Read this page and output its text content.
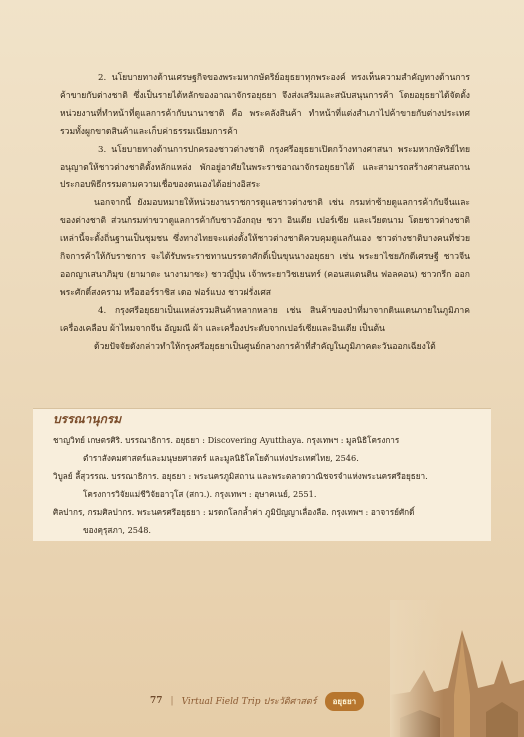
2. นโยบายทางด้านเศรษฐกิจของพระมหากษัตริย์อยุธยาทุกพระองค์ ทรงเห็นความสำคัญทางด้านการค้าขายกับต่างชาติ ซึ่งเป็นรายได้หลักของอาณาจักรอยุธยา จึงส่งเสริมและสนับสนุนการค้า โดยอยุธยาได้จัดตั้งหน่วยงานที่ทำหน้าที่ดูแลการค้ากับนานาชาติ คือ พระคลังสินค้า ทำหน้าที่แต่งสำเภาไปค้าขายกับต่างประเทศ รวมทั้งผูกขาดสินค้าและเก็บค่าธรรมเนียมการค้า

3. นโยบายทางด้านการปกครองชาวต่างชาติ กรุงศรีอยุธยาเปิดกว้างทางศาสนา พระมหากษัตริย์ไทยอนุญาตให้ชาวต่างชาติตั้งหลักแหล่ง พักอยู่อาศัยในพระราชอาณาจักรอยุธยาได้ และสามารถสร้างศาสนสถาน ประกอบพิธีกรรมตามความเชื่อของตนเองได้อย่างอิสระ

นอกจากนี้ ยังมอบหมายให้หน่วยงานราชการดูแลชาวต่างชาติ เช่น กรมท่าซ้ายดูแลการค้ากับจีนและของต่างชาติ ส่วนกรมท่าขวาดูแลการค้ากับชาวอังกฤษ ชวา อินเดีย เปอร์เซีย และเวียดนาม โดยชาวต่างชาติเหล่านี้จะตั้งถิ่นฐานเป็นชุมชน ซึ่งทางไทยจะแต่งตั้งให้ชาวต่างชาติควบคุมดูแลกันเอง ชาวต่างชาติบางคนที่ช่วยกิจการค้าให้กับราชการ จะได้รับพระราชทานบรรดาศักดิ์เป็นขุนนางอยุธยา เช่น พระยาไชยภักดีเศรษฐี ชาวจีน ออกญาเสนาภิมุข (ยามาดะ นางามาซะ) ชาวญี่ปุ่น เจ้าพระยาวิชเยนทร์ (คอนสแตนติน ฟอลคอน) ชาวกรีก ออกพระศักดิ์สงคราม หรือฮอร์ราชิส เดอ ฟอร์แบง ชาวฝรั่งเศส

4. กรุงศรีอยุธยาเป็นแหล่งรวมสินค้าหลากหลาย เช่น สินค้าของป่าที่มาจากดินแดนภายในภูมิภาค เครื่องเคลือบ ผ้าไหมจากจีน อัญมณี ผ้า และเครื่องประดับจากเปอร์เซียและอินเดีย เป็นต้น

ด้วยปัจจัยดังกล่าวทำให้กรุงศรีอยุธยาเป็นศูนย์กลางการค้าที่สำคัญในภูมิภาคตะวันออกเฉียงใต้

บรรณานุกรม
ชาญวิทย์ เกษตรศิริ. บรรณาธิการ. อยุธยา : Discovering Ayutthaya. กรุงเทพฯ : มูลนิธิโครงการ
ตำราสังคมศาสตร์และมนุษยศาสตร์ และมูลนิธิโตโยต้าแห่งประเทศไทย, 2546.
วิบูลย์ ลี้สุวรรณ. บรรณาธิการ. อยุธยา : พระนครภูมิสถาน และพระตลาดวาณิชจรจำแห่งพระนครศรีอยุธยา.
โครงการวิจัยแม่ชีวิจัยอาวุโส (สกว.). กรุงเทพฯ : อุษาคเนย์, 2551.
ศิลปากร, กรมศิลปากร. พระนครศรีอยุธยา : มรดกโลกล้ำค่า ภูมิปัญญาเลื่องลือ. กรุงเทพฯ : อาจารย์ศักดิ์
ของคุรุสภา, 2548.
77 | Virtual Field Trip ประวัติศาสตร์	อยุธยา
